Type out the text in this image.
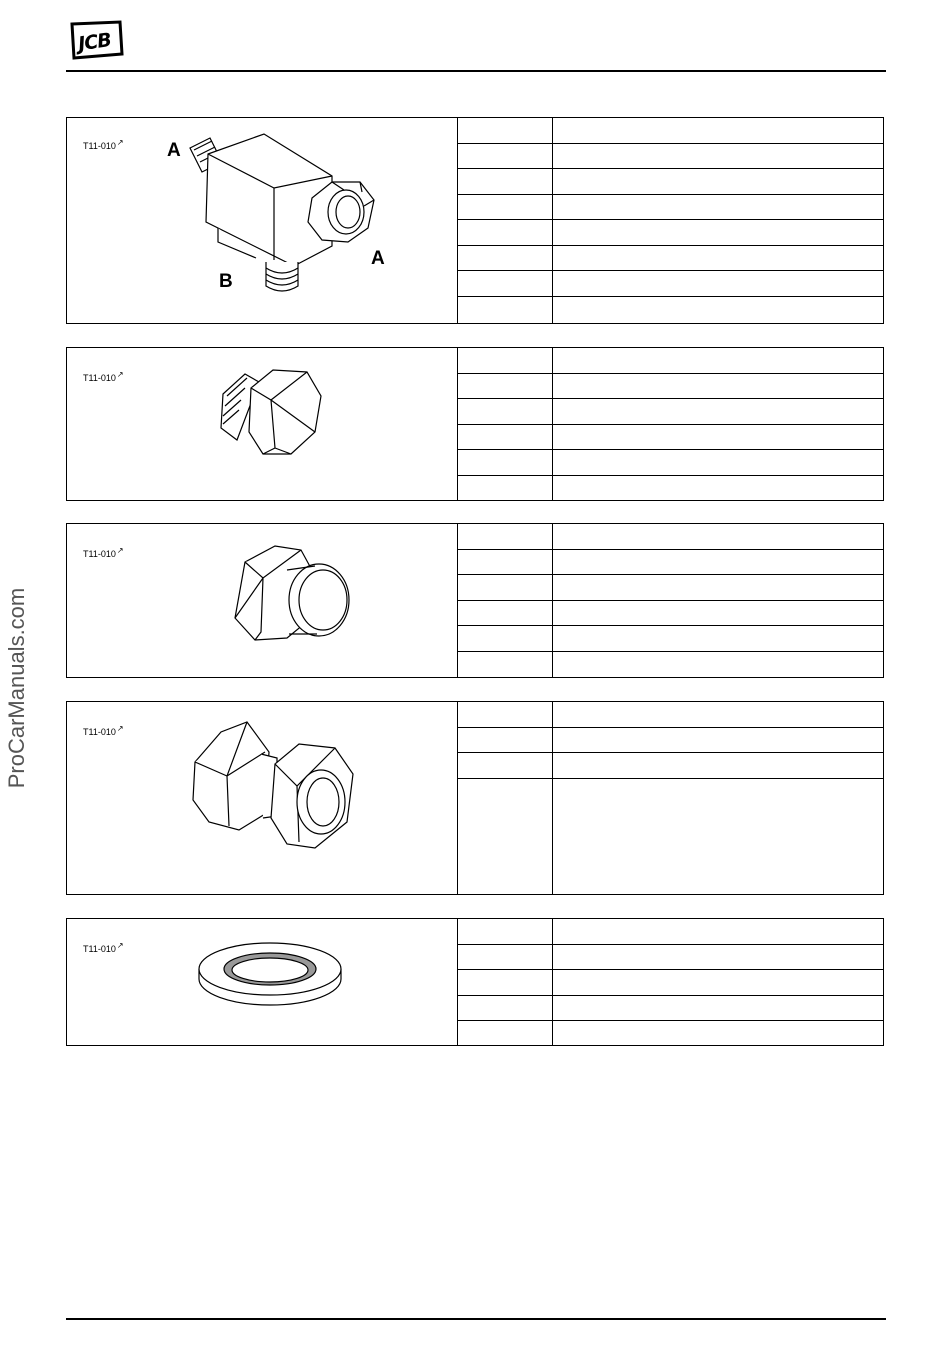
JCB
ProCarManuals.com
T11-010↗ A
A
B
T11-010↗
T11-010↗
T11-010↗
T11-010↗
